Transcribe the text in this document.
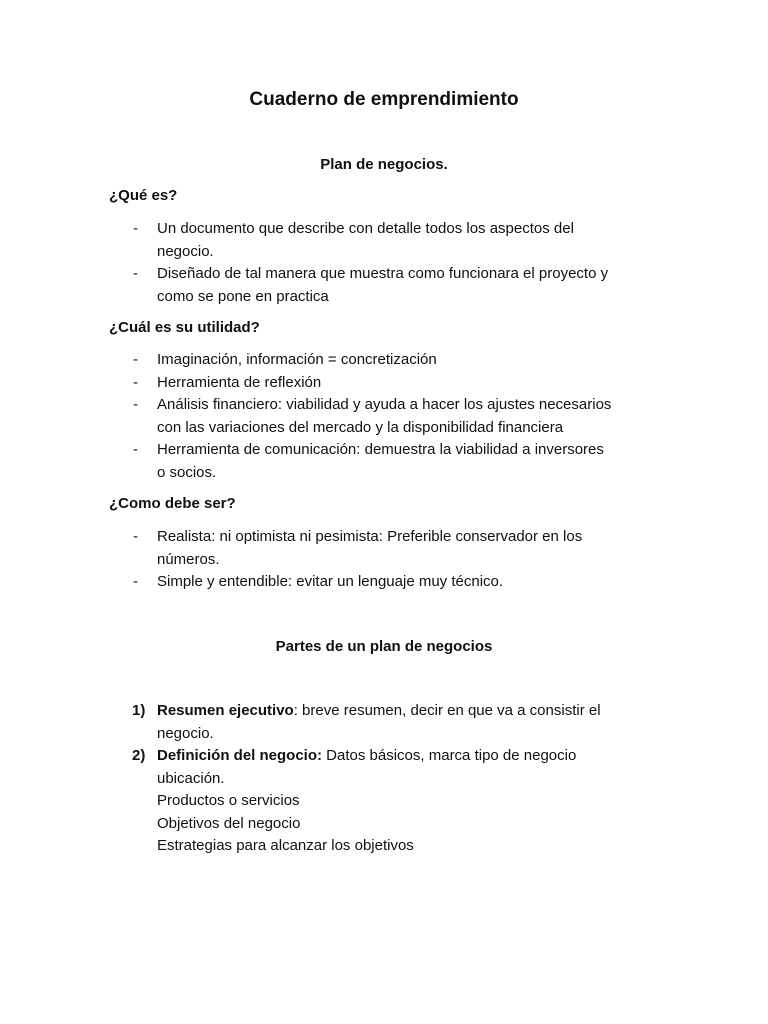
Cuaderno de emprendimiento
Plan de negocios.
¿Qué es?
- Un documento que describe con detalle todos los aspectos del
negocio.
- Diseñado de tal manera que muestra como funcionara el proyecto y
como se pone en practica
¿Cuál es su utilidad?
- Imaginación, información = concretización
- Herramienta de reflexión
- Análisis financiero: viabilidad y ayuda a hacer los ajustes necesarios
con las variaciones del mercado y la disponibilidad financiera
- Herramienta de comunicación: demuestra la viabilidad a inversores
o socios.
¿Como debe ser?
- Realista: ni optimista ni pesimista: Preferible conservador en los
números.
- Simple y entendible: evitar un lenguaje muy técnico.
Partes de un plan de negocios
1) Resumen ejecutivo: breve resumen, decir en que va a consistir el
negocio.
2) Definición del negocio: Datos básicos, marca tipo de negocio
ubicación.
Productos o servicios
Objetivos del negocio
Estrategias para alcanzar los objetivos
